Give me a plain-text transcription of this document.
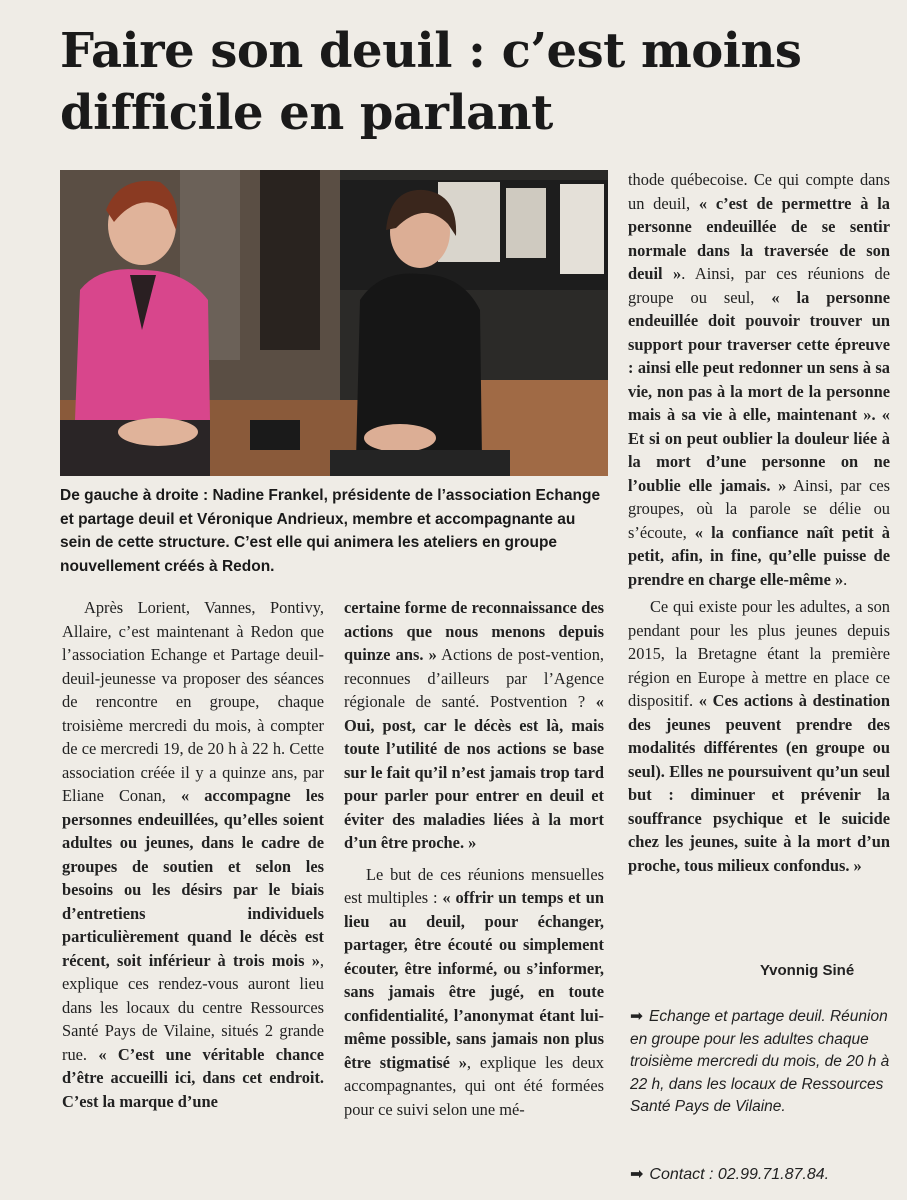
Faire son deuil : c’est moins difficile en parlant
De gauche à droite : Nadine Frankel, présidente de l’association Echange et partage deuil et Véronique Andrieux, membre et accompagnante au sein de cette structure. C’est elle qui animera les ateliers en groupe nouvellement créés à Redon.

Après Lorient, Vannes, Pontivy, Allaire, c’est maintenant à Redon que l’association Echange et Partage deuil-deuil-jeunesse va proposer des séances de rencontre en groupe, chaque troisième mercredi du mois, à compter de ce mercredi 19, de 20 h à 22 h. Cette association créée il y a quinze ans, par Eliane Conan, « accompagne les personnes endeuillées, qu’elles soient adultes ou jeunes, dans le cadre de groupes de soutien et selon les besoins ou les désirs par le biais d’entretiens individuels particulièrement quand le décès est récent, soit inférieur à trois mois », explique ces rendez-vous auront lieu dans les locaux du centre Ressources Santé Pays de Vilaine, situés 2 grande rue. « C’est une véritable chance d’être accueilli ici, dans cet endroit. C’est la marque d’une

certaine forme de reconnaissance des actions que nous menons depuis quinze ans. » Actions de post-vention, reconnues d’ailleurs par l’Agence régionale de santé. Postvention ? « Oui, post, car le décès est là, mais toute l’utilité de nos actions se base sur le fait qu’il n’est jamais trop tard pour parler pour entrer en deuil et éviter des maladies liées à la mort d’un être proche. »

Le but de ces réunions mensuelles est multiples : « offrir un temps et un lieu au deuil, pour échanger, partager, être écouté ou simplement écouter, être informé, ou s’informer, sans jamais être jugé, en toute confidentialité, l’anonymat étant lui-même possible, sans jamais non plus être stigmatisé », explique les deux accompagnantes, qui ont été formées pour ce suivi selon une mé-

thode québecoise. Ce qui compte dans un deuil, « c’est de permettre à la personne endeuillée de se sentir normale dans la traversée de son deuil ». Ainsi, par ces réunions de groupe ou seul, « la personne endeuillée doit pouvoir trouver un support pour traverser cette épreuve : ainsi elle peut redonner un sens à sa vie, non pas à la mort de la personne mais à sa vie à elle, maintenant ». « Et si on peut oublier la douleur liée à la mort d’une personne on ne l’oublie elle jamais. » Ainsi, par ces groupes, où la parole se délie ou s’écoute, « la confiance naît petit à petit, afin, in fine, qu’elle puisse de prendre en charge elle-même ».

Ce qui existe pour les adultes, a son pendant pour les plus jeunes depuis 2015, la Bretagne étant la première région en Europe à mettre en place ce dispositif. « Ces actions à destination des jeunes peuvent prendre des modalités différentes (en groupe ou seul). Elles ne poursuivent qu’un seul but : diminuer et prévenir la souffrance psychique et le suicide chez les jeunes, suite à la mort d’un proche, tous milieux confondus. »

Yvonnig Siné
➡ Echange et partage deuil. Réunion en groupe pour les adultes chaque troisième mercredi du mois, de 20 h à 22 h, dans les locaux de Ressources Santé Pays de Vilaine.
➡ Contact : 02.99.71.87.84.
